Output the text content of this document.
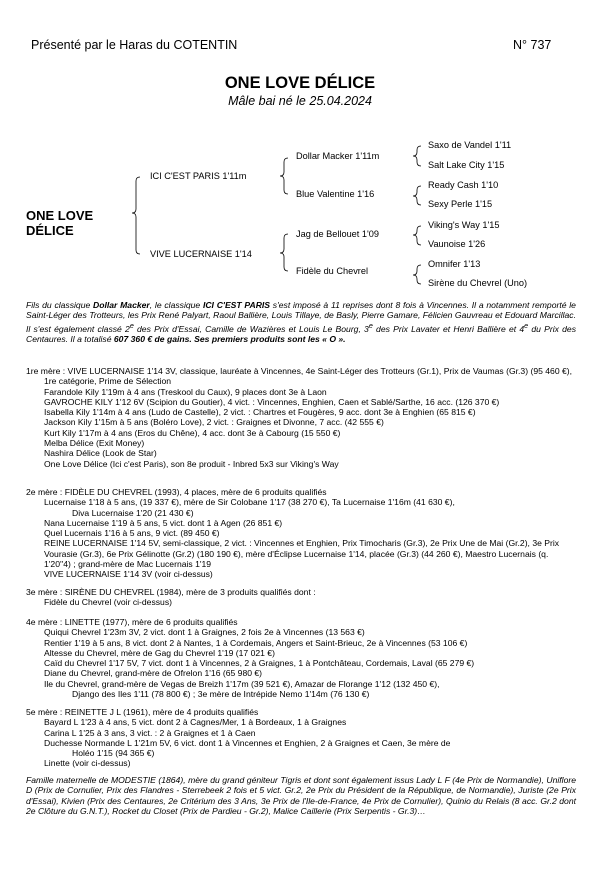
Présenté par le Haras du COTENTIN	N° 737
ONE LOVE DÉLICE
Mâle bai né le 25.04.2024
ONE LOVE
DÉLICE
ICI C'EST PARIS 1'11m
VIVE LUCERNAISE 1'14
Dollar Macker 1'11m
Blue Valentine 1'16
Jag de Bellouet 1'09
Fidèle du Chevrel
Saxo de Vandel 1'11
Salt Lake City 1'15
Ready Cash 1'10
Sexy Perle 1'15
Viking's Way 1'15
Vaunoise 1'26
Omnifer 1'13
Sirène du Chevrel (Uno)
Fils du classique Dollar Macker, le classique ICI C'EST PARIS s'est imposé à 11 reprises dont 8 fois à Vincennes. Il a notamment remporté le Saint-Léger des Trotteurs, les Prix René Palyart, Raoul Ballière, Louis Tillaye, de Basly, Pierre Gamare, Félicien Gauvreau et Edouard Marcillac. Il s'est également classé 2e des Prix d'Essai, Camille de Wazières et Louis Le Bourg, 3e des Prix Lavater et Henri Ballière et 4e du Prix des Centaures. Il a totalisé 607 360 € de gains. Ses premiers produits sont les « O ».

1re mère : VIVE LUCERNAISE 1'14 3V, classique, lauréate à Vincennes, 4e Saint-Léger des Trotteurs (Gr.1), Prix de Vaumas (Gr.3) (95 460 €), 1re catégorie, Prime de Sélection

Farandole Kily 1'19m à 4 ans (Treskool du Caux), 9 places dont 3e à Laon

GAVROCHE KILY 1'12 6V (Scipion du Goutier), 4 vict. : Vincennes, Enghien, Caen et Sablé/Sarthe, 16 acc. (126 370 €)

Isabella Kily 1'14m à 4 ans (Ludo de Castelle), 2 vict. : Chartres et Fougères, 9 acc. dont 3e à Enghien (65 815 €)

Jackson Kily 1'15m à 5 ans (Boléro Love), 2 vict. : Graignes et Divonne, 7 acc. (42 555 €)

Kurt Kily 1'17m à 4 ans (Eros du Chêne), 4 acc. dont 3e à Cabourg (15 550 €)

Melba Délice (Exit Money)

Nashira Délice (Look de Star)

One Love Délice (Ici c'est Paris), son 8e produit - Inbred 5x3 sur Viking's Way

2e mère : FIDÈLE DU CHEVREL (1993), 4 places, mère de 6 produits qualifiés

Lucernaise 1'18 à 5 ans, (19 337 €), mère de Sir Colobane 1'17 (38 270 €), Ta Lucernaise 1'16m (41 630 €),

Diva Lucernaise 1'20 (21 430 €)

Nana Lucernaise 1'19 à 5 ans, 5 vict. dont 1 à Agen (26 851 €)

Quel Lucernais 1'16 à 5 ans, 9 vict. (89 450 €)

REINE LUCERNAISE 1'14 5V, semi-classique, 2 vict. : Vincennes et Enghien, Prix Timocharis (Gr.3), 2e Prix Une de Mai (Gr.2), 3e Prix Vourasie (Gr.3), 6e Prix Gélinotte (Gr.2) (180 190 €), mère d'Éclipse Lucernaise 1'14, placée (Gr.3) (44 260 €), Maestro Lucernais (q. 1'20''4) ; grand-mère de Mac Lucernais 1'19

VIVE LUCERNAISE 1'14 3V (voir ci-dessus)

3e mère : SIRÈNE DU CHEVREL (1984), mère de 3 produits qualifiés dont :

Fidèle du Chevrel (voir ci-dessus)

4e mère : LINETTE (1977), mère de 6 produits qualifiés

Quiqui Chevrel 1'23m 3V, 2 vict. dont 1 à Graignes, 2 fois 2e à Vincennes (13 563 €)

Rentier 1'19 à 5 ans, 8 vict. dont 2 à Nantes, 1 à Cordemais, Angers et Saint-Brieuc, 2e à Vincennes (53 106 €)

Altesse du Chevrel, mère de Gag du Chevrel 1'19 (17 021 €)

Caïd du Chevrel 1'17 5V, 7 vict. dont 1 à Vincennes, 2 à Graignes, 1 à Pontchâteau, Cordemais, Laval (65 279 €)

Diane du Chevrel, grand-mère de Ofrelon 1'16 (65 980 €)

Ile du Chevrel, grand-mère de Vegas de Breizh 1'17m (39 521 €), Amazar de Florange 1'12 (132 450 €),

Django des Iles 1'11 (78 800 €) ; 3e mère de Intrépide Nemo 1'14m (76 130 €)

5e mère : REINETTE J L (1961), mère de 4 produits qualifiés

Bayard L 1'23 à 4 ans, 5 vict. dont 2 à Cagnes/Mer, 1 à Bordeaux, 1 à Graignes

Carina L 1'25 à 3 ans, 3 vict. : 2 à Graignes et 1 à Caen

Duchesse Normande L 1'21m 5V, 6 vict. dont 1 à Vincennes et Enghien, 2 à Graignes et Caen, 3e mère de

Holéo 1'15 (94 365 €)

Linette (voir ci-dessus)

Famille maternelle de MODESTIE (1864), mère du grand géniteur Tigris et dont sont également issus Lady L F (4e Prix de Normandie), Uniflore D (Prix de Cornulier, Prix des Flandres - Sterrebeek 2 fois et 5 vict. Gr.2, 2e Prix du Président de la République, de Normandie), Juriste (2e Prix d'Essai), Kivien (Prix des Centaures, 2e Critérium des 3 Ans, 3e Prix de l'Ile-de-France, 4e Prix de Cornulier), Quinio du Relais (8 acc. Gr.2 dont 2e Clôture du G.N.T.), Rocket du Closet (Prix de Pardieu - Gr.2), Malice Caillerie (Prix Serpentis - Gr.3)…
